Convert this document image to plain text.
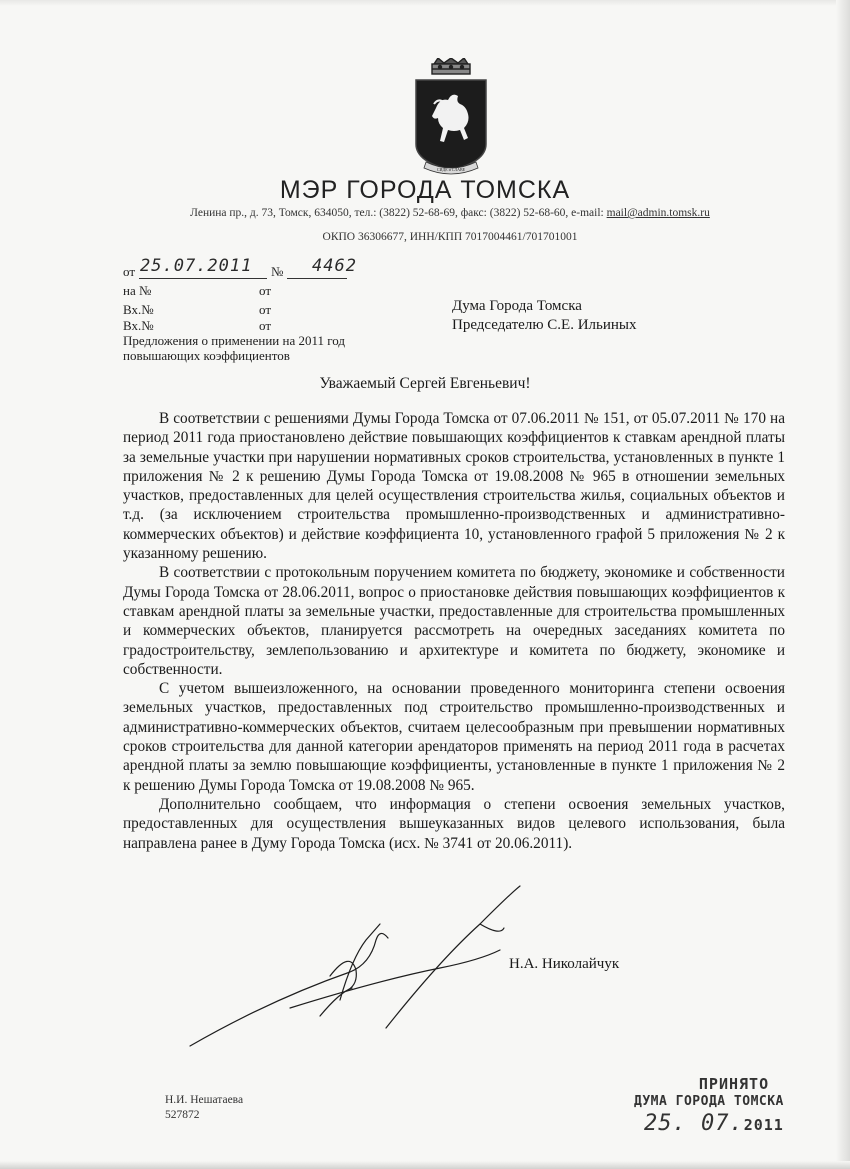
СИДЕ и СЛАВЕ
МЭР ГОРОДА ТОМСКА
Ленина пр., д. 73, Томск, 634050, тел.: (3822) 52-68-69, факс: (3822) 52-68-60, e-mail: mail@admin.tomsk.ru
ОКПО 36306677, ИНН/КПП 7017004461/701701001
от 25.07.2011 № 4462
на №	от
Вх.№	от
Вх.№	от
Дума Города Томска
Председателю С.Е. Ильиных
Предложения о применении на 2011 год повышающих коэффициентов
Уважаемый Сергей Евгеньевич!

В соответствии с решениями Думы Города Томска от 07.06.2011 № 151, от 05.07.2011 № 170 на период 2011 года приостановлено действие повышающих коэффициентов к ставкам арендной платы за земельные участки при нарушении нормативных сроков строительства, установленных в пункте 1 приложения № 2 к решению Думы Города Томска от 19.08.2008 № 965 в отношении земельных участков, предоставленных для целей осуществления строительства жилья, социальных объектов и т.д. (за исключением строительства промышленно-производственных и административно-коммерческих объектов) и действие коэффициента 10, установленного графой 5 приложения № 2 к указанному решению.

В соответствии с протокольным поручением комитета по бюджету, экономике и собственности Думы Города Томска от 28.06.2011, вопрос о приостановке действия повышающих коэффициентов к ставкам арендной платы за земельные участки, предоставленные для строительства промышленных и коммерческих объектов, планируется рассмотреть на очередных заседаниях комитета по градостроительству, землепользованию и архитектуре и комитета по бюджету, экономике и собственности.

С учетом вышеизложенного, на основании проведенного мониторинга степени освоения земельных участков, предоставленных под строительство промышленно-производственных и административно-коммерческих объектов, считаем целесообразным при превышении нормативных сроков строительства для данной категории арендаторов применять на период 2011 года в расчетах арендной платы за землю повышающие коэффициенты, установленные в пункте 1 приложения № 2 к решению Думы Города Томска от 19.08.2008 № 965.

Дополнительно сообщаем, что информация о степени освоения земельных участков, предоставленных для осуществления вышеуказанных видов целевого использования, была направлена ранее в Думу Города Томска (исх. № 3741 от 20.06.2011).

Н.А. Николайчук
Н.И. Нешатаева
527872
ПРИНЯТО
ДУМА ГОРОДА ТОМСКА
25. 07.2011
